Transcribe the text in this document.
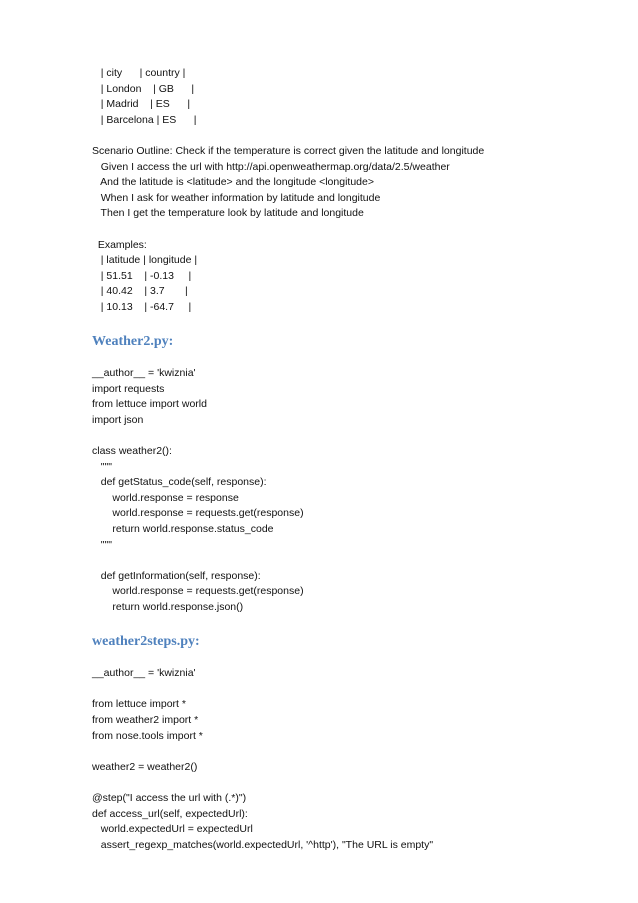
| city      | country |
| London    | GB      |
| Madrid    | ES      |
| Barcelona | ES      |
Scenario Outline: Check if the temperature is correct given the latitude and longitude
Given I access the url with http://api.openweathermap.org/data/2.5/weather
And the latitude is <latitude> and the longitude <longitude>
When I ask for weather information by latitude and longitude
Then I get the temperature look by latitude and longitude
Examples:
| latitude | longitude |
| 51.51    | -0.13     |
| 40.42    | 3.7       |
| 10.13    | -64.7     |
Weather2.py:
__author__ = 'kwiznia'
import requests
from lettuce import world
import json
class weather2():
"""
def getStatus_code(self, response):
world.response = response
world.response = requests.get(response)
return world.response.status_code
"""
def getInformation(self, response):
world.response = requests.get(response)
return world.response.json()
weather2steps.py:
__author__ = 'kwiznia'
from lettuce import *
from weather2 import *
from nose.tools import *
weather2 = weather2()
@step("I access the url with (.*)")
def access_url(self, expectedUrl):
world.expectedUrl = expectedUrl
assert_regexp_matches(world.expectedUrl, '^http'), "The URL is empty"
